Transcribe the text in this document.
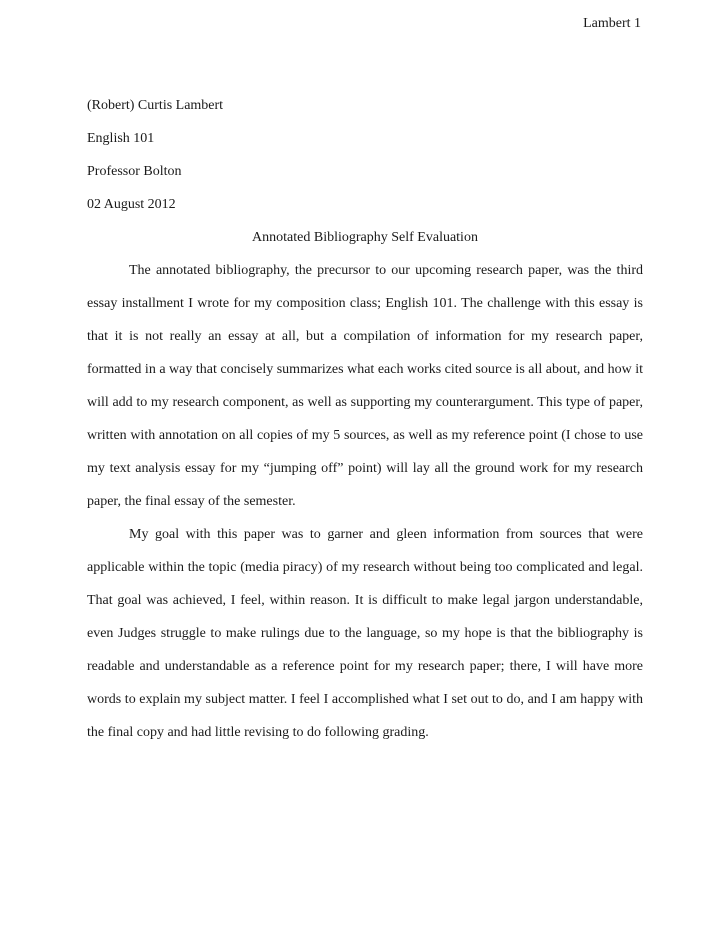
Lambert 1
(Robert) Curtis Lambert
English 101
Professor Bolton
02 August 2012
Annotated Bibliography Self Evaluation

The annotated bibliography, the precursor to our upcoming research paper, was the third essay installment I wrote for my composition class; English 101. The challenge with this essay is that it is not really an essay at all, but a compilation of information for my research paper, formatted in a way that concisely summarizes what each works cited source is all about, and how it will add to my research component, as well as supporting my counterargument. This type of paper, written with annotation on all copies of my 5 sources, as well as my reference point (I chose to use my text analysis essay for my “jumping off” point) will lay all the ground work for my research paper, the final essay of the semester.

My goal with this paper was to garner and gleen information from sources that were applicable within the topic (media piracy) of my research without being too complicated and legal. That goal was achieved, I feel, within reason. It is difficult to make legal jargon understandable, even Judges struggle to make rulings due to the language, so my hope is that the bibliography is readable and understandable as a reference point for my research paper; there, I will have more words to explain my subject matter. I feel I accomplished what I set out to do, and I am happy with the final copy and had little revising to do following grading.
